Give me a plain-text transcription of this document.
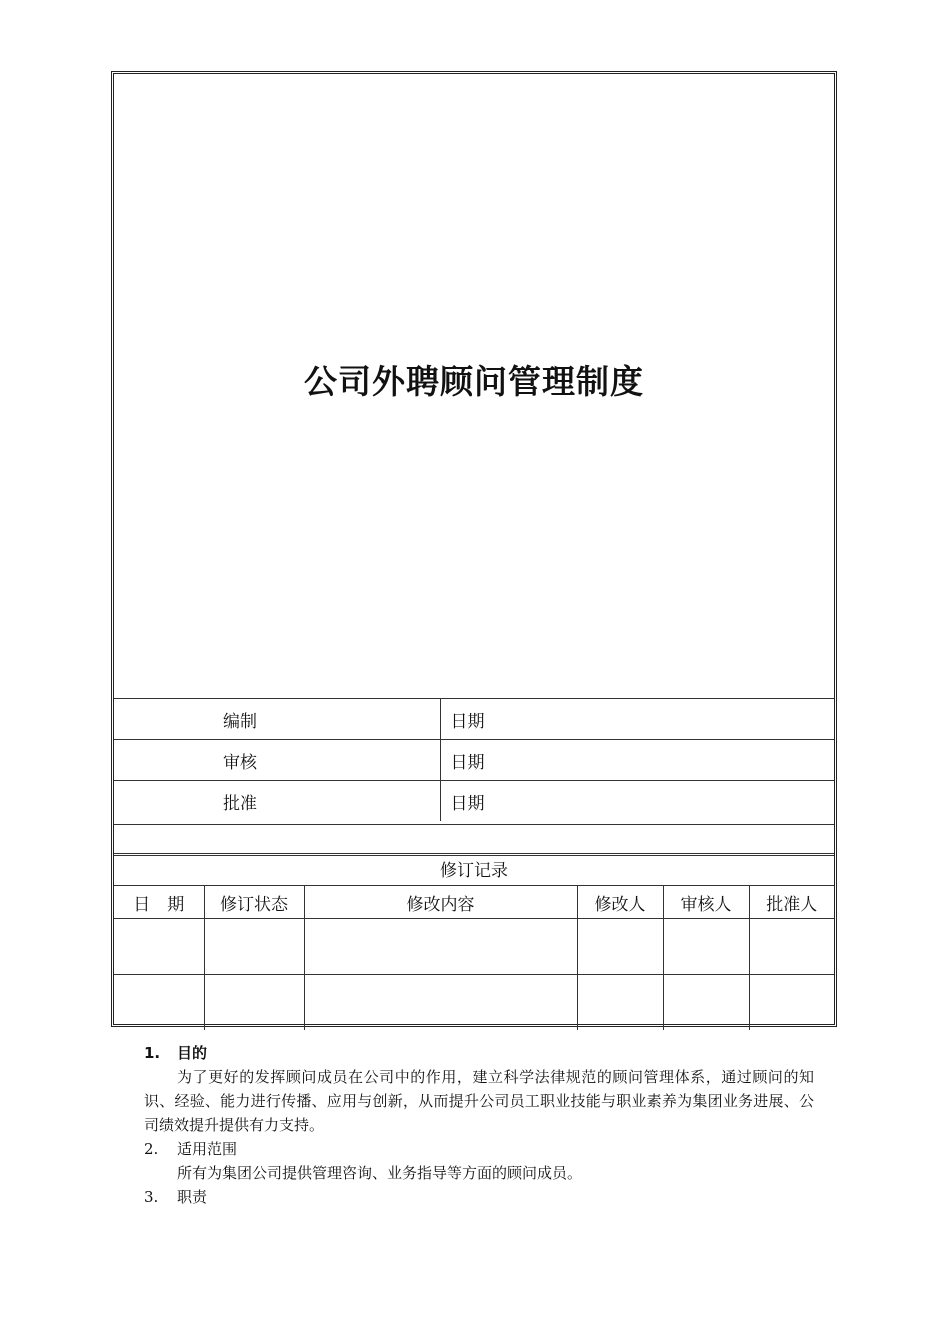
公司外聘顾问管理制度
编制	日期
审核	日期
批准	日期
修订记录
日　期	修订状态	修改内容	修改人	审核人	批准人

1.	目的
为了更好的发挥顾问成员在公司中的作用，建立科学法律规范的顾问管理体系，通过顾问的知识、经验、能力进行传播、应用与创新，从而提升公司员工职业技能与职业素养为集团业务进展、公司绩效提升提供有力支持。
2.	适用范围
所有为集团公司提供管理咨询、业务指导等方面的顾问成员。
3.	职责
